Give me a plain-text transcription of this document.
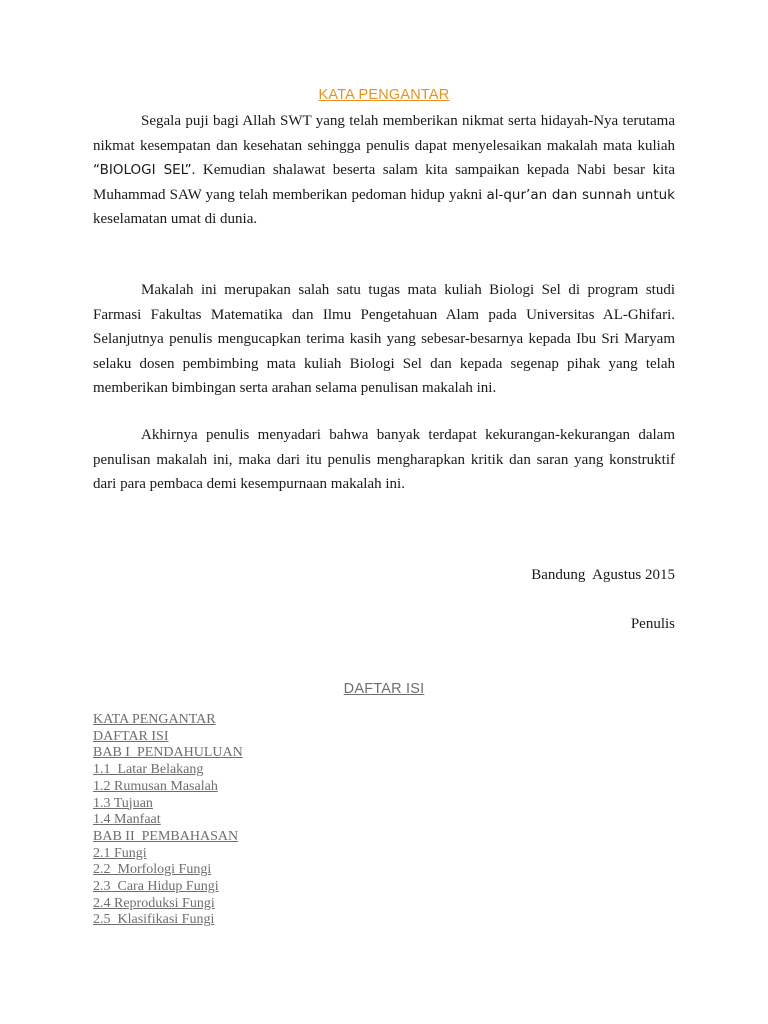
KATA PENGANTAR

Segala puji bagi Allah SWT yang telah memberikan nikmat serta hidayah-Nya terutama nikmat kesempatan dan kesehatan sehingga penulis dapat menyelesaikan makalah mata kuliah “BIOLOGI SEL”. Kemudian shalawat beserta salam kita sampaikan kepada Nabi besar kita Muhammad SAW yang telah memberikan pedoman hidup yakni al-qur’an dan sunnah untuk keselamatan umat di dunia.

Makalah ini merupakan salah satu tugas mata kuliah Biologi Sel di program studi Farmasi Fakultas Matematika dan Ilmu Pengetahuan Alam pada Universitas AL-Ghifari. Selanjutnya penulis mengucapkan terima kasih yang sebesar-besarnya kepada Ibu Sri Maryam selaku dosen pembimbing mata kuliah Biologi Sel dan kepada segenap pihak yang telah memberikan bimbingan serta arahan selama penulisan makalah ini.

Akhirnya penulis menyadari bahwa banyak terdapat kekurangan-kekurangan dalam penulisan makalah ini, maka dari itu penulis mengharapkan kritik dan saran yang konstruktif dari para pembaca demi kesempurnaan makalah ini.

Bandung  Agustus 2015
Penulis
DAFTAR ISI
KATA PENGANTAR
DAFTAR ISI
BAB I  PENDAHULUAN
1.1  Latar Belakang
1.2 Rumusan Masalah
1.3 Tujuan
1.4 Manfaat
BAB II  PEMBAHASAN
2.1 Fungi
2.2  Morfologi Fungi
2.3  Cara Hidup Fungi
2.4 Reproduksi Fungi
2.5  Klasifikasi Fungi
